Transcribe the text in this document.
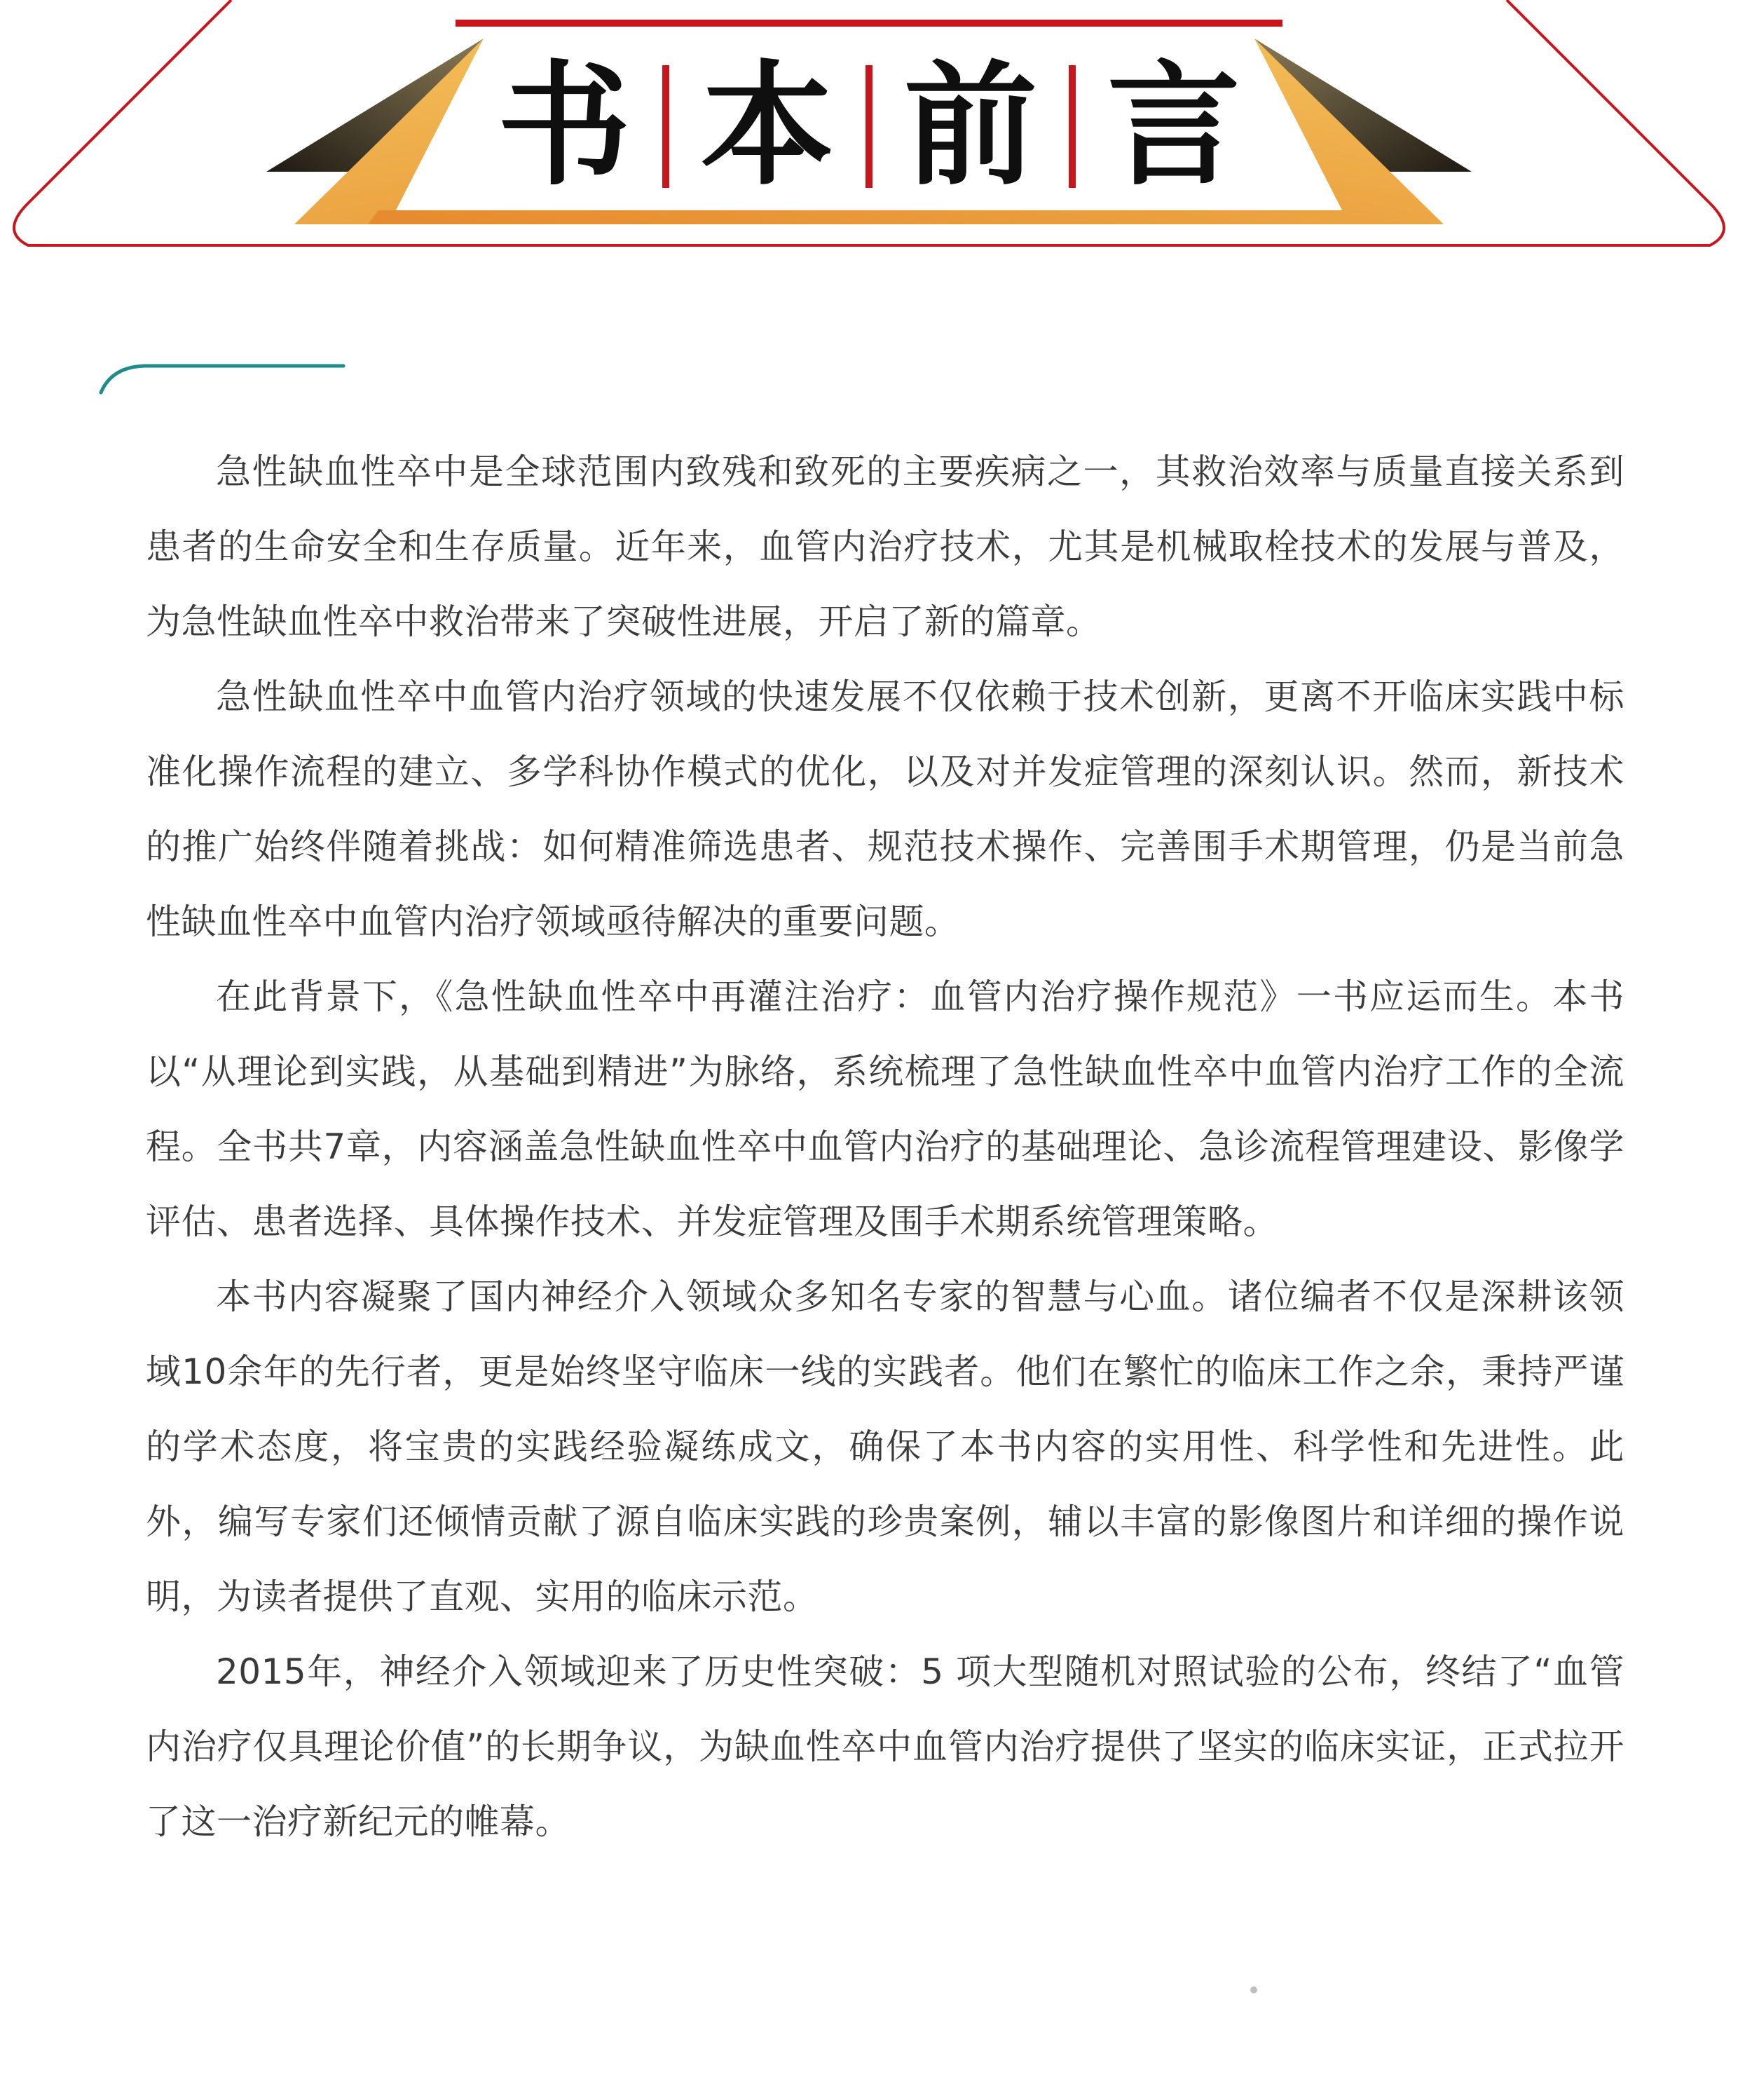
书 本 前 言

急性缺血性卒中是全球范围内致残和致死的主要疾病之一，其救治效率与质量直接关系到患者的生命安全和生存质量。近年来，血管内治疗技术，尤其是机械取栓技术的发展与普及，为急性缺血性卒中救治带来了突破性进展，开启了新的篇章。

急性缺血性卒中血管内治疗领域的快速发展不仅依赖于技术创新，更离不开临床实践中标准化操作流程的建立、多学科协作模式的优化，以及对并发症管理的深刻认识。然而，新技术的推广始终伴随着挑战：如何精准筛选患者、规范技术操作、完善围手术期管理，仍是当前急性缺血性卒中血管内治疗领域亟待解决的重要问题。

在此背景下，《急性缺血性卒中再灌注治疗：血管内治疗操作规范》一书应运而生。本书以“从理论到实践，从基础到精进”为脉络，系统梳理了急性缺血性卒中血管内治疗工作的全流程。全书共7章，内容涵盖急性缺血性卒中血管内治疗的基础理论、急诊流程管理建设、影像学评估、患者选择、具体操作技术、并发症管理及围手术期系统管理策略。

本书内容凝聚了国内神经介入领域众多知名专家的智慧与心血。诸位编者不仅是深耕该领域10余年的先行者，更是始终坚守临床一线的实践者。他们在繁忙的临床工作之余，秉持严谨的学术态度，将宝贵的实践经验凝练成文，确保了本书内容的实用性、科学性和先进性。此外，编写专家们还倾情贡献了源自临床实践的珍贵案例，辅以丰富的影像图片和详细的操作说明，为读者提供了直观、实用的临床示范。

2015年，神经介入领域迎来了历史性突破：5 项大型随机对照试验的公布，终结了“血管内治疗仅具理论价值”的长期争议，为缺血性卒中血管内治疗提供了坚实的临床实证，正式拉开了这一治疗新纪元的帷幕。
